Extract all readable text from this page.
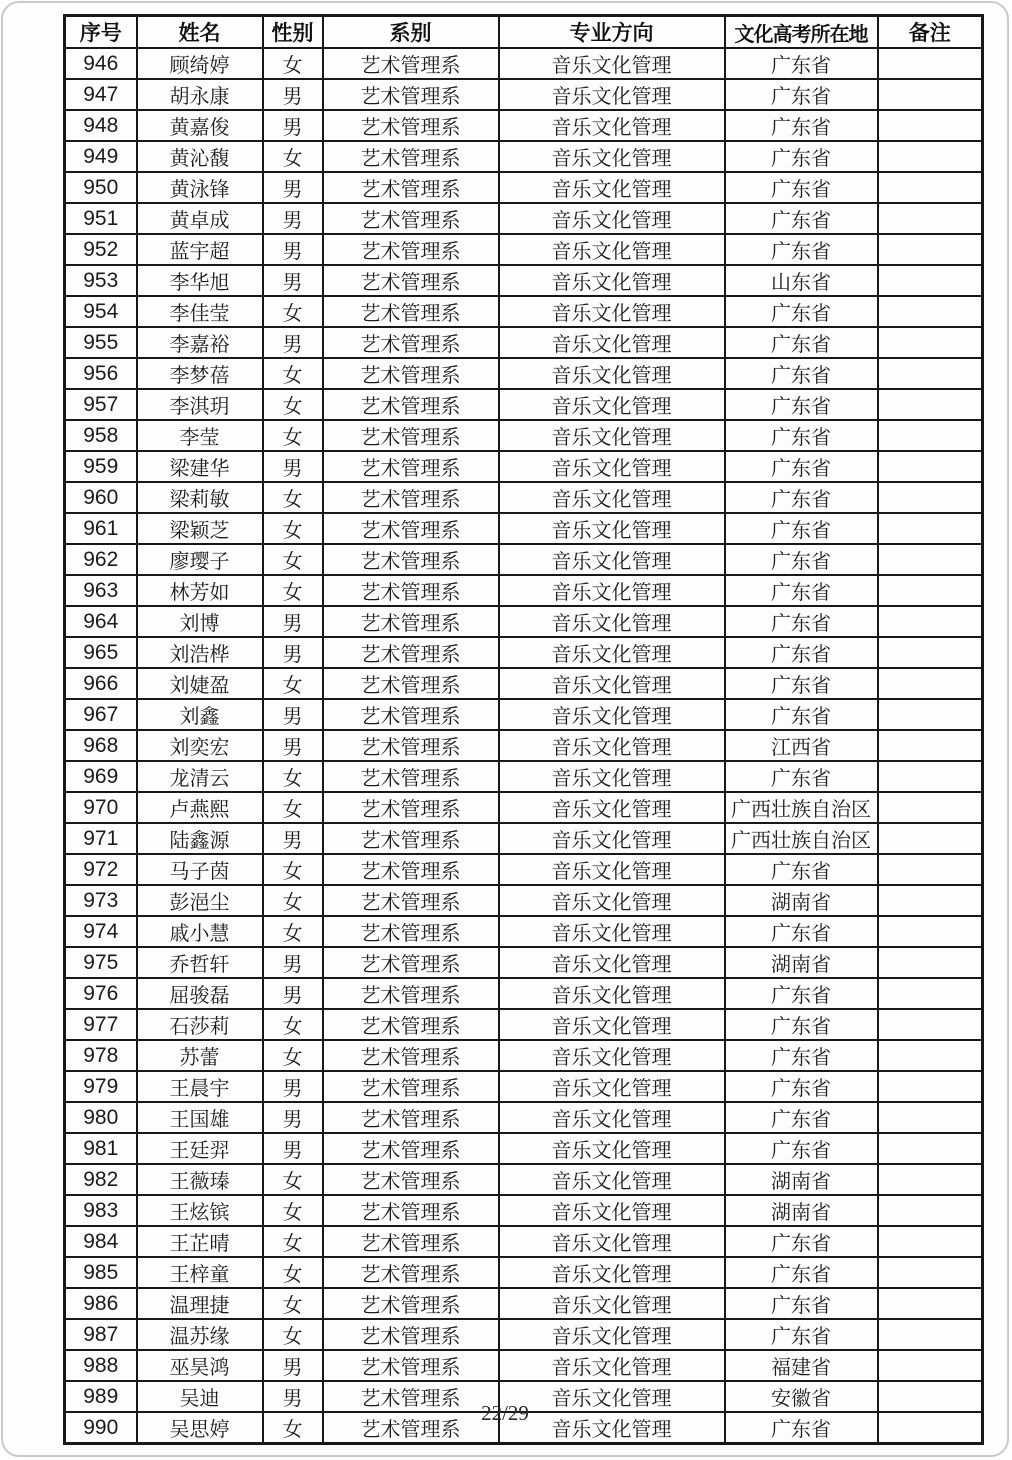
序号	姓名	性别	系别	专业方向	文化高考所在地	备注
946	顾绮婷	女	艺术管理系	音乐文化管理	广东省	
947	胡永康	男	艺术管理系	音乐文化管理	广东省	
948	黄嘉俊	男	艺术管理系	音乐文化管理	广东省	
949	黄沁馥	女	艺术管理系	音乐文化管理	广东省	
950	黄泳锋	男	艺术管理系	音乐文化管理	广东省	
951	黄卓成	男	艺术管理系	音乐文化管理	广东省	
952	蓝宇超	男	艺术管理系	音乐文化管理	广东省	
953	李华旭	男	艺术管理系	音乐文化管理	山东省	
954	李佳莹	女	艺术管理系	音乐文化管理	广东省	
955	李嘉裕	男	艺术管理系	音乐文化管理	广东省	
956	李梦蓓	女	艺术管理系	音乐文化管理	广东省	
957	李淇玥	女	艺术管理系	音乐文化管理	广东省	
958	李莹	女	艺术管理系	音乐文化管理	广东省	
959	梁建华	男	艺术管理系	音乐文化管理	广东省	
960	梁莉敏	女	艺术管理系	音乐文化管理	广东省	
961	梁颖芝	女	艺术管理系	音乐文化管理	广东省	
962	廖璎子	女	艺术管理系	音乐文化管理	广东省	
963	林芳如	女	艺术管理系	音乐文化管理	广东省	
964	刘博	男	艺术管理系	音乐文化管理	广东省	
965	刘浩桦	男	艺术管理系	音乐文化管理	广东省	
966	刘婕盈	女	艺术管理系	音乐文化管理	广东省	
967	刘鑫	男	艺术管理系	音乐文化管理	广东省	
968	刘奕宏	男	艺术管理系	音乐文化管理	江西省	
969	龙清云	女	艺术管理系	音乐文化管理	广东省	
970	卢燕熙	女	艺术管理系	音乐文化管理	广西壮族自治区	
971	陆鑫源	男	艺术管理系	音乐文化管理	广西壮族自治区	
972	马子茵	女	艺术管理系	音乐文化管理	广东省	
973	彭浥尘	女	艺术管理系	音乐文化管理	湖南省	
974	戚小慧	女	艺术管理系	音乐文化管理	广东省	
975	乔哲轩	男	艺术管理系	音乐文化管理	湖南省	
976	屈骏磊	男	艺术管理系	音乐文化管理	广东省	
977	石莎莉	女	艺术管理系	音乐文化管理	广东省	
978	苏蕾	女	艺术管理系	音乐文化管理	广东省	
979	王晨宇	男	艺术管理系	音乐文化管理	广东省	
980	王国雄	男	艺术管理系	音乐文化管理	广东省	
981	王廷羿	男	艺术管理系	音乐文化管理	广东省	
982	王薇瑧	女	艺术管理系	音乐文化管理	湖南省	
983	王炫镔	女	艺术管理系	音乐文化管理	湖南省	
984	王芷晴	女	艺术管理系	音乐文化管理	广东省	
985	王梓童	女	艺术管理系	音乐文化管理	广东省	
986	温理捷	女	艺术管理系	音乐文化管理	广东省	
987	温苏缘	女	艺术管理系	音乐文化管理	广东省	
988	巫昊鸿	男	艺术管理系	音乐文化管理	福建省	
989	吴迪	男	艺术管理系	音乐文化管理	安徽省	
990	吴思婷	女	艺术管理系	音乐文化管理	广东省	
22/29
